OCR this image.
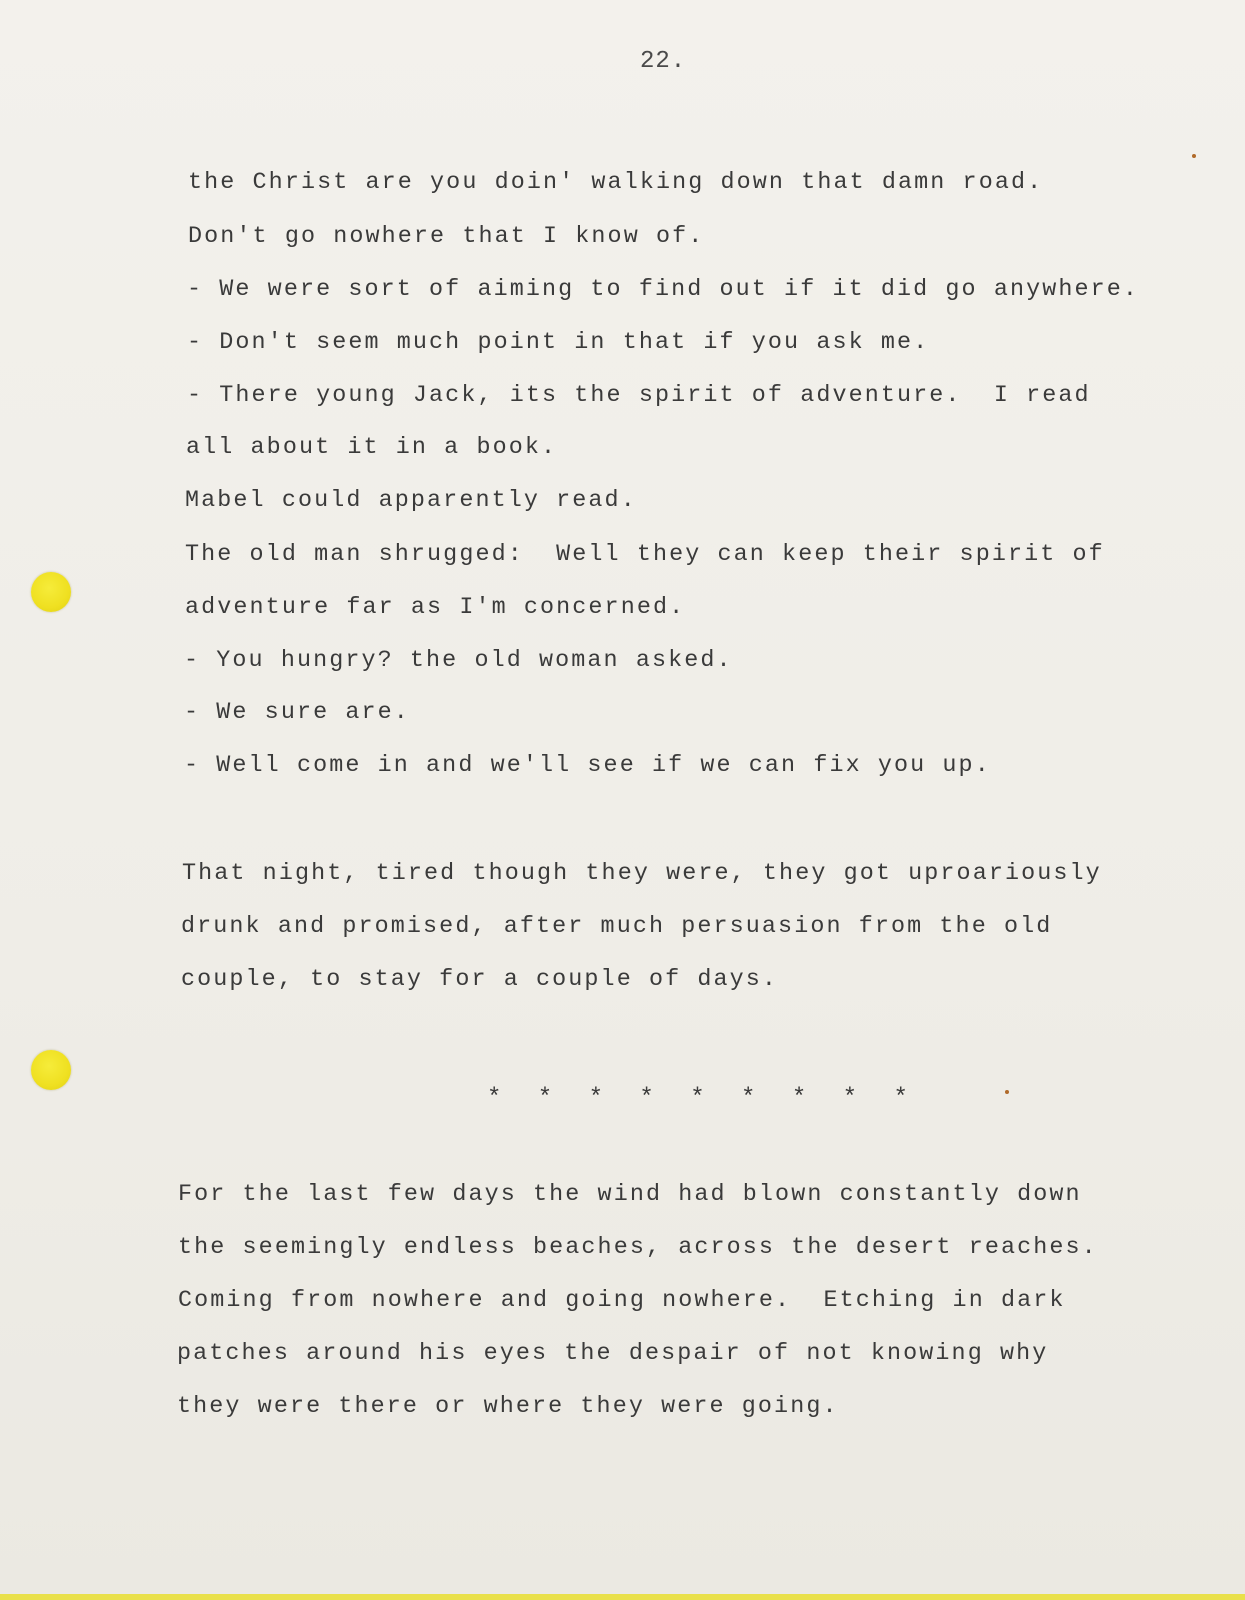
22.
the Christ are you doin' walking down that damn road.
Don't go nowhere that I know of.
- We were sort of aiming to find out if it did go anywhere.
- Don't seem much point in that if you ask me.
- There young Jack, its the spirit of adventure.  I read
all about it in a book.
Mabel could apparently read.
The old man shrugged:  Well they can keep their spirit of
adventure far as I'm concerned.
- You hungry? the old woman asked.
- We sure are.
- Well come in and we'll see if we can fix you up.
That night, tired though they were, they got uproariously
drunk and promised, after much persuasion from the old
couple, to stay for a couple of days.
* * * * * * * * *
For the last few days the wind had blown constantly down
the seemingly endless beaches, across the desert reaches.
Coming from nowhere and going nowhere.  Etching in dark
patches around his eyes the despair of not knowing why
they were there or where they were going.
